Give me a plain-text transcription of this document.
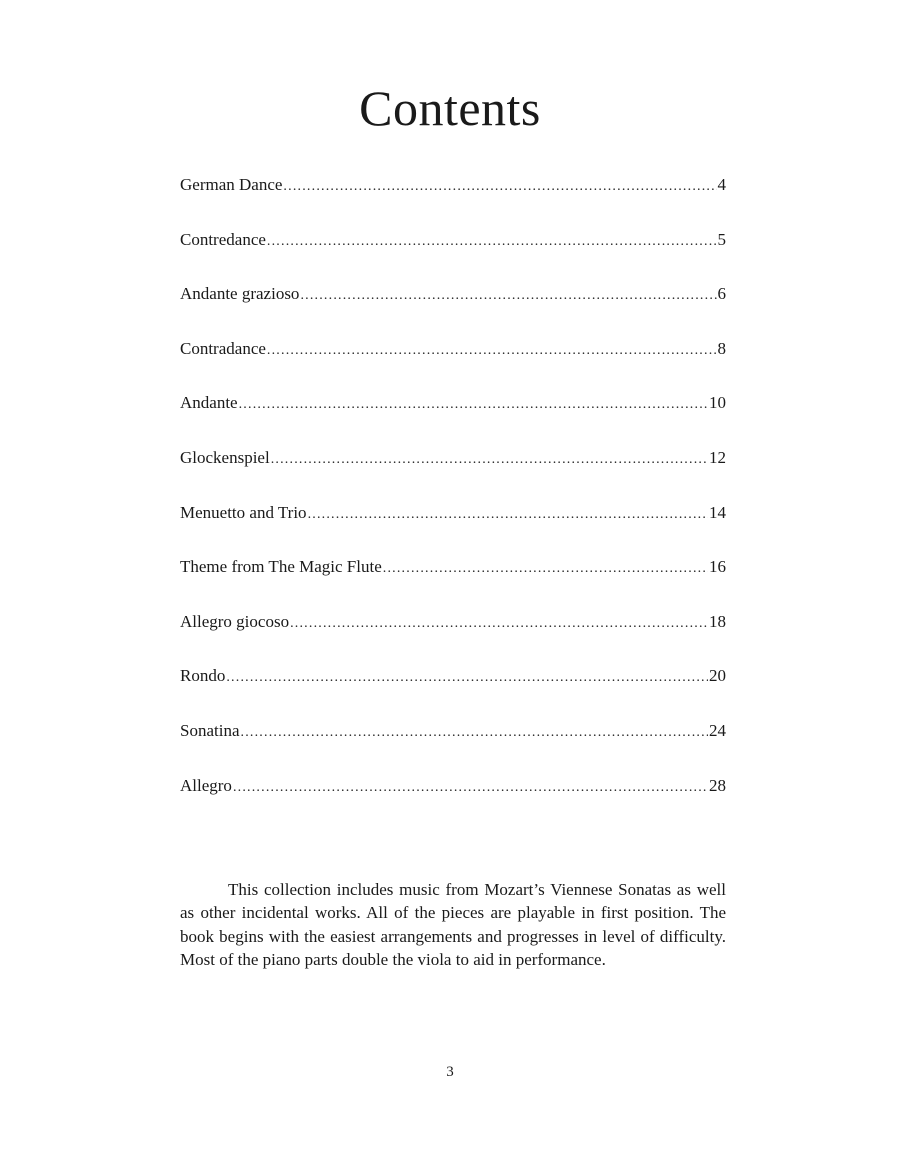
Contents
German Dance .....	4
Contredance .....	5
Andante grazioso .....	6
Contradance .....	8
Andante .....	10
Glockenspiel .....	12
Menuetto and Trio .....	14
Theme from The Magic Flute .....	16
Allegro giocoso .....	18
Rondo .....	20
Sonatina .....	24
Allegro .....	28

This collection includes music from Mozart’s Viennese Sonatas as well as other incidental works. All of the pieces are playable in first position. The book begins with the easiest arrangements and progresses in level of difficulty. Most of the piano parts double the viola to aid in performance.

3
